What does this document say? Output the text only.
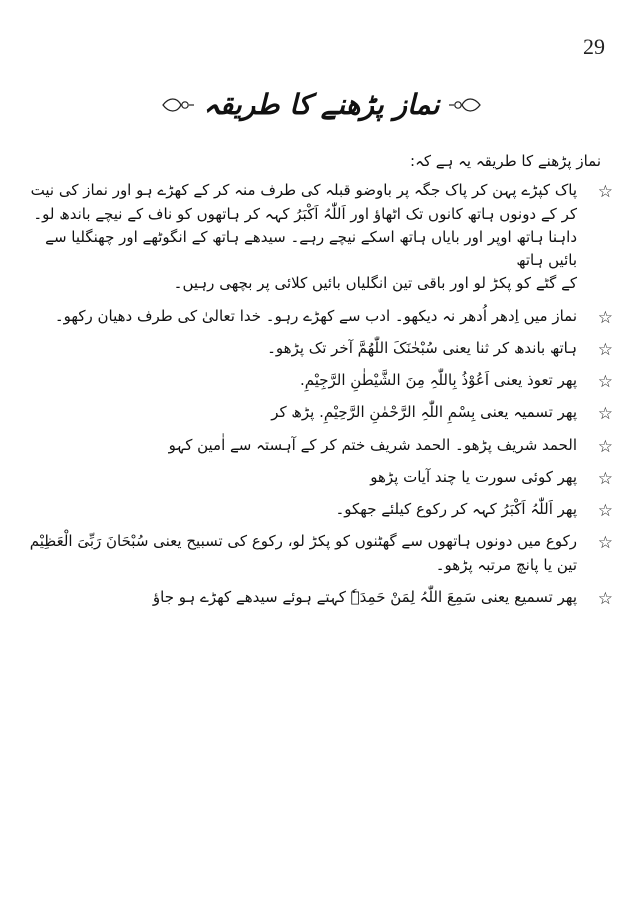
29
نماز پڑھنے کا طریقہ

نماز پڑھنے کا طریقہ یہ ہے کہ:

☆
پاک کپڑے پہن کر پاک جگہ پر باوضو قبلہ کی طرف منہ کر کے کھڑے ہو اور نماز کی نیت
کر کے دونوں ہاتھ کانوں تک اٹھاؤ اور اَللّٰہُ اَکْبَرُ کہہ کر ہاتھوں کو ناف کے نیچے باندھ لو۔
داہنا ہاتھ اوپر اور بایاں ہاتھ اسکے نیچے رہے۔ سیدھے ہاتھ کے انگوٹھے اور چھنگلیا سے بائیں ہاتھ
کے گٹے کو پکڑ لو اور باقی تین انگلیاں بائیں کلائی پر بچھی رہیں۔
☆
نماز میں اِدھر اُدھر نہ دیکھو۔ ادب سے کھڑے رہو۔ خدا تعالیٰ کی طرف دھیان رکھو۔
☆
ہاتھ باندھ کر ثنا یعنی سُبْحٰنَکَ اللّٰھُمَّ آخر تک پڑھو۔
☆
پھر تعوذ یعنی اَعُوْذُ بِاللّٰہِ مِنَ الشَّیْطٰنِ الرَّجِیْمِ.
☆
پھر تسمیہ یعنی بِسْمِ اللّٰہِ الرَّحْمٰنِ الرَّحِیْمِ. پڑھ کر
☆
الحمد شریف پڑھو۔ الحمد شریف ختم کر کے آہستہ سے اٰمین کہو
☆
پھر کوئی سورت یا چند آیات پڑھو
☆
پھر اَللّٰہُ اَکْبَرُ کہہ کر رکوع کیلئے جھکو۔
☆
رکوع میں دونوں ہاتھوں سے گھٹنوں کو پکڑ لو، رکوع کی تسبیح یعنی سُبْحَانَ رَبِّیَ الْعَظِیْم
تین یا پانچ مرتبہ پڑھو۔
☆
پھر تسمیع یعنی سَمِعَ اللّٰہُ لِمَنْ حَمِدَہٗ کہتے ہوئے سیدھے کھڑے ہو جاؤ
